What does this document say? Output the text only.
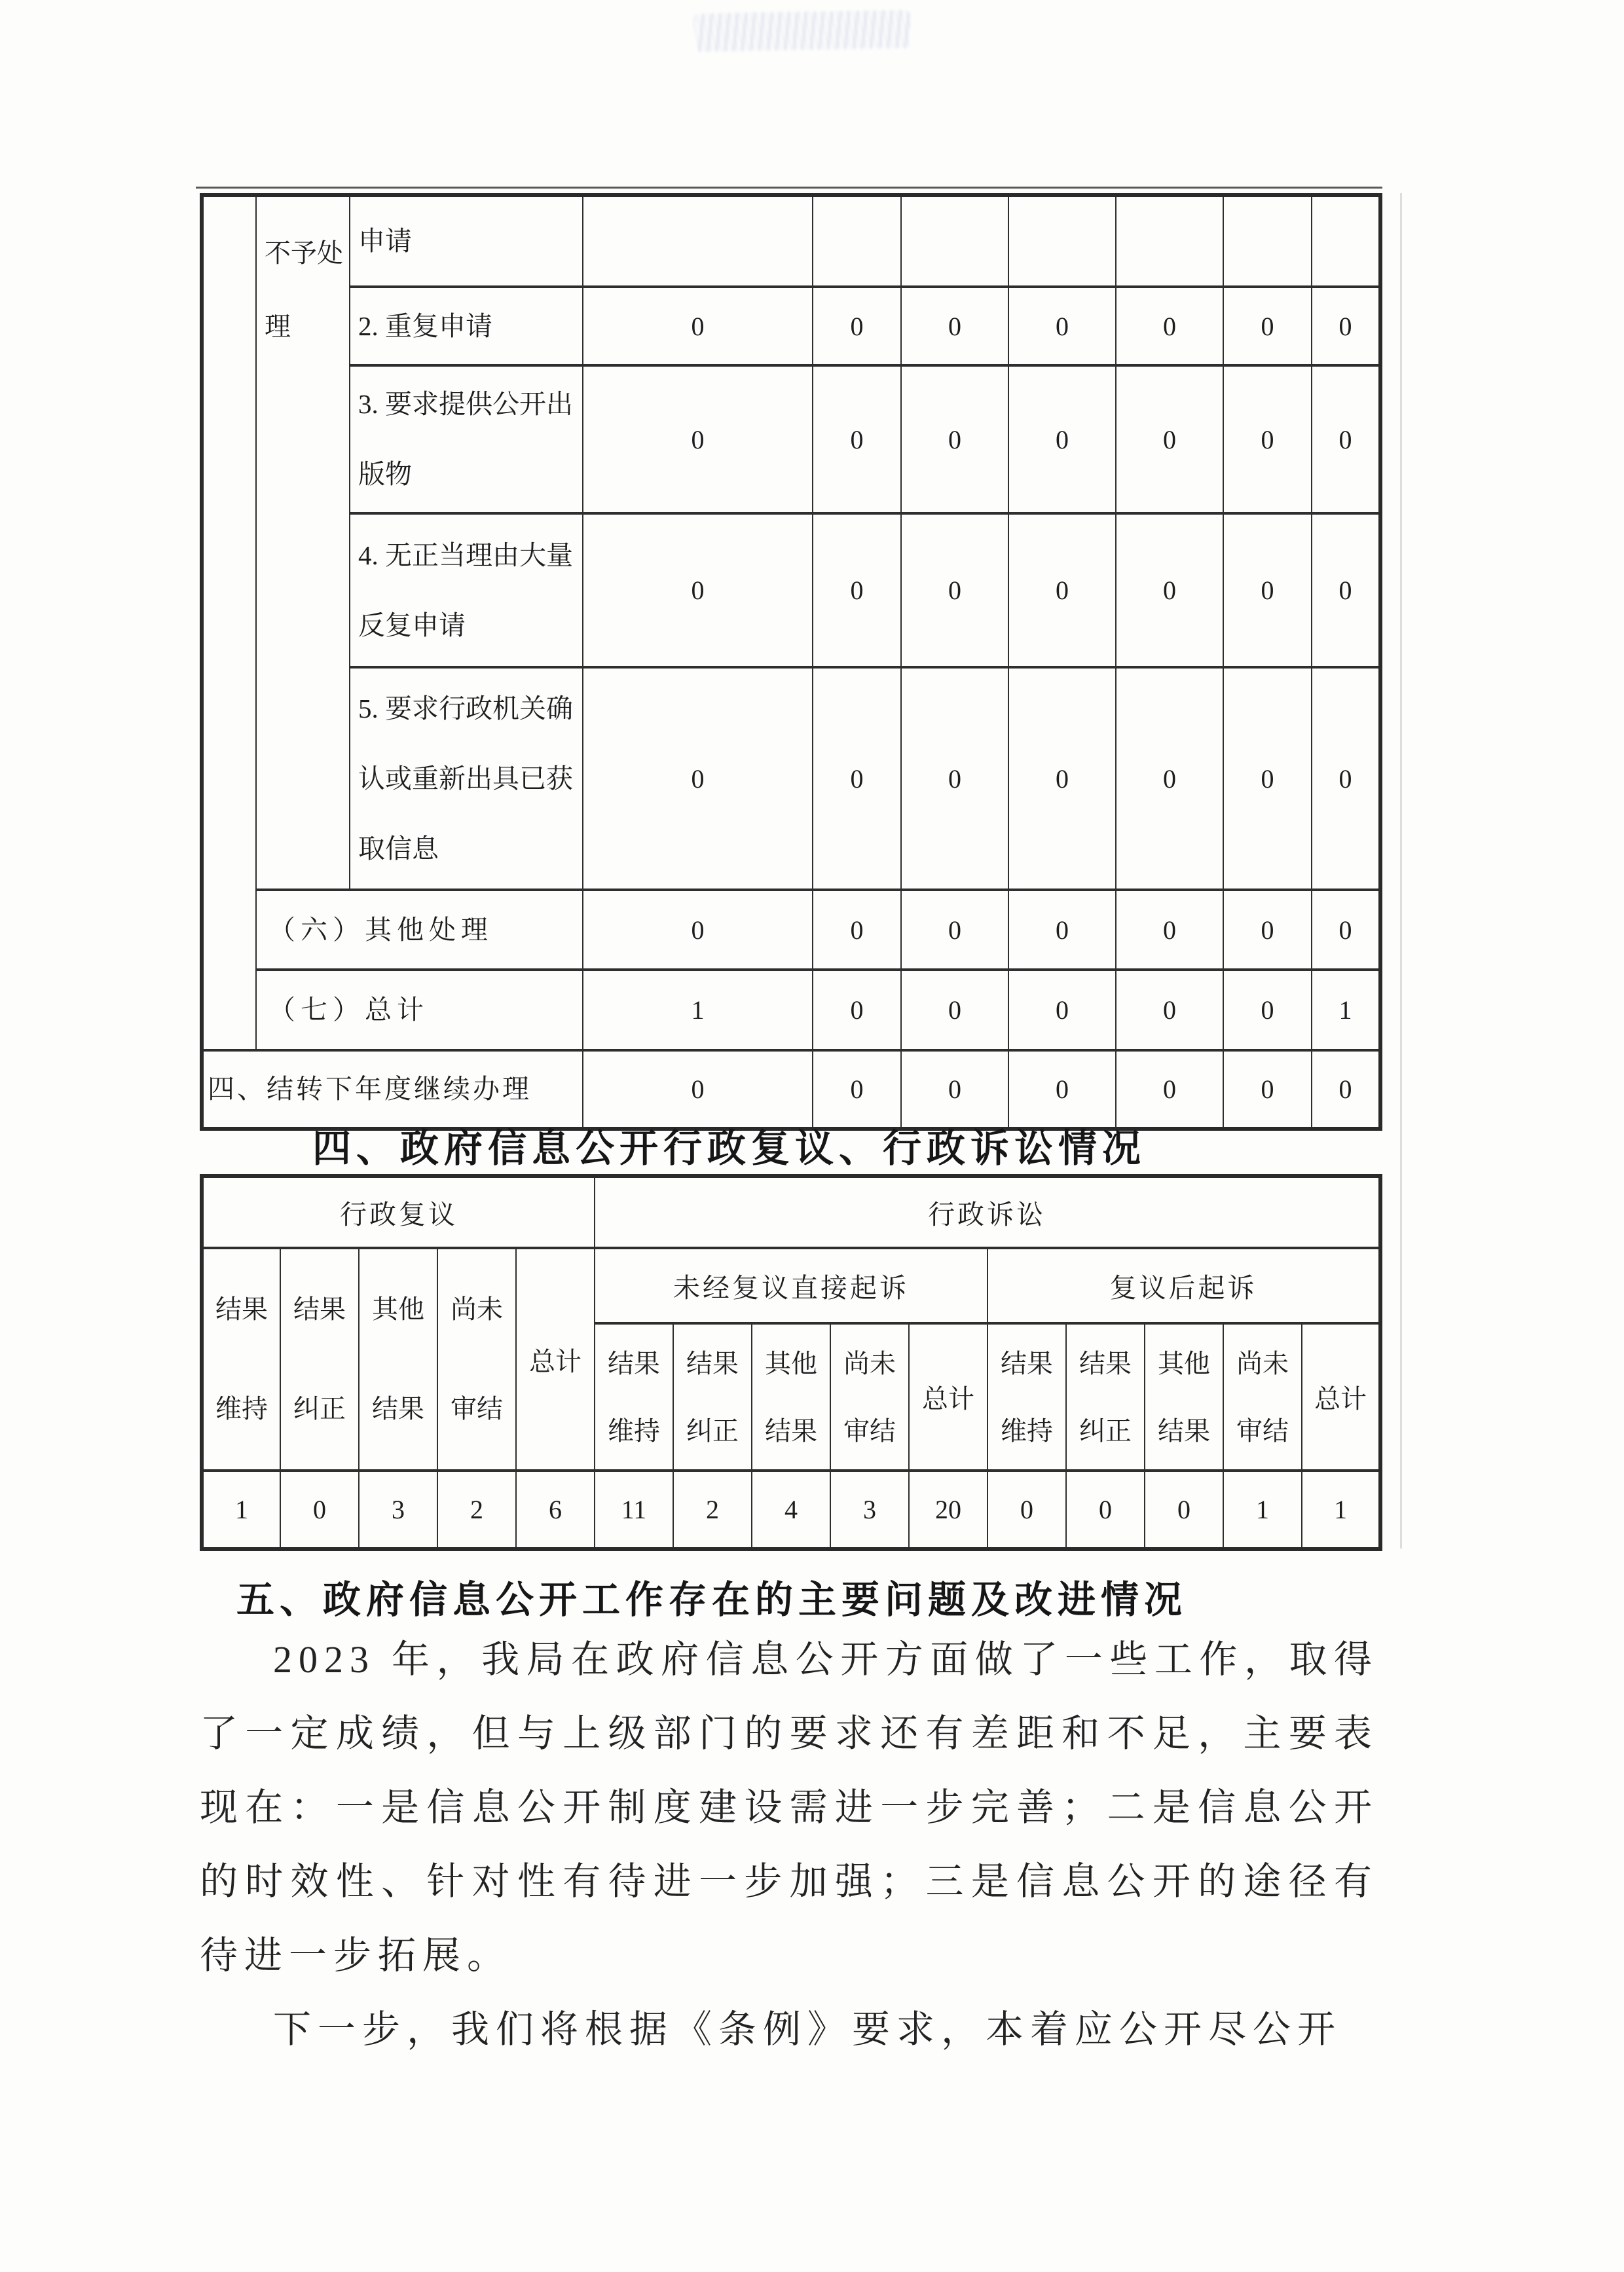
	不予处理	申请							
		2. 重复申请	0	0	0	0	0	0	0
		3. 要求提供公开出版物	0	0	0	0	0	0	0
		4. 无正当理由大量反复申请	0	0	0	0	0	0	0
		5. 要求行政机关确认或重新出具已获取信息	0	0	0	0	0	0	0
	（六）其他处理		0	0	0	0	0	0	0
	（七）总计		1	0	0	0	0	0	1
四、结转下年度继续办理			0	0	0	0	0	0	0
四、政府信息公开行政复议、行政诉讼情况
行政复议					行政诉讼									
结果维持	结果纠正	其他结果	尚未审结	总计	未经复议直接起诉					复议后起诉				
					结果维持	结果纠正	其他结果	尚未审结	总计	结果维持	结果纠正	其他结果	尚未审结	总计
1	0	3	2	6	11	2	4	3	20	0	0	0	1	1
五、政府信息公开工作存在的主要问题及改进情况

2023 年，我局在政府信息公开方面做了一些工作，取得了一定成绩，但与上级部门的要求还有差距和不足，主要表现在：一是信息公开制度建设需进一步完善；二是信息公开的时效性、针对性有待进一步加强；三是信息公开的途径有待进一步拓展。

下一步，我们将根据《条例》要求，本着应公开尽公开
